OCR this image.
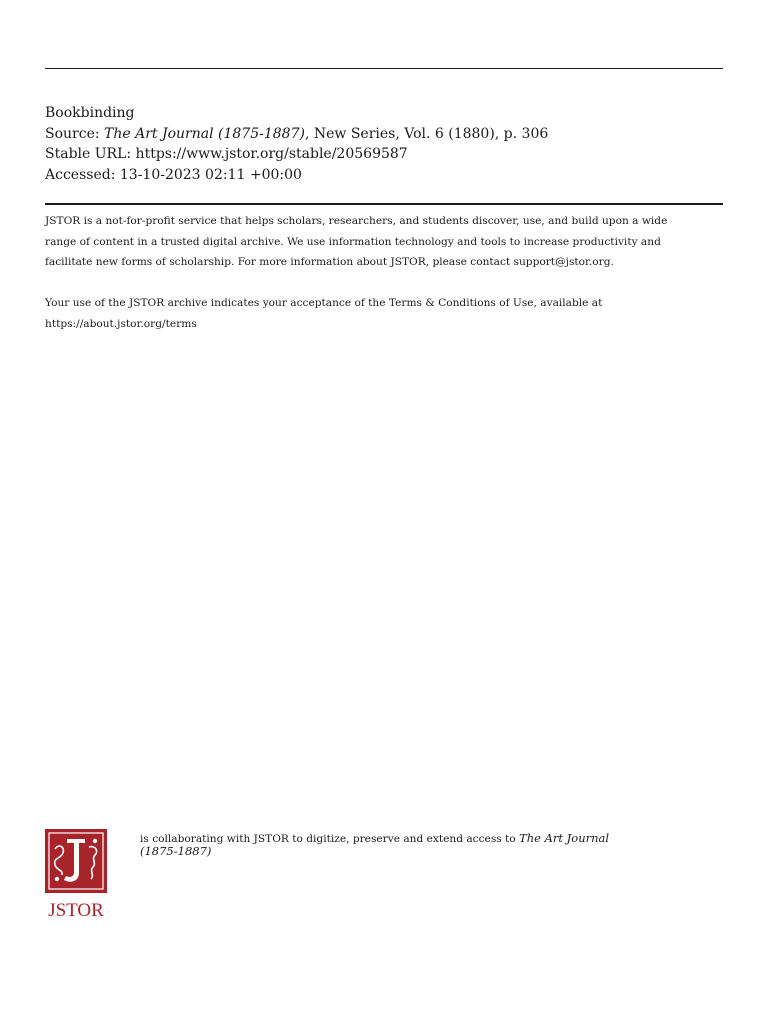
Bookbinding
Source: The Art Journal (1875-1887), New Series, Vol. 6 (1880), p. 306
Stable URL: https://www.jstor.org/stable/20569587
Accessed: 13-10-2023 02:11 +00:00
JSTOR is a not-for-profit service that helps scholars, researchers, and students discover, use, and build upon a wide
range of content in a trusted digital archive. We use information technology and tools to increase productivity and
facilitate new forms of scholarship. For more information about JSTOR, please contact support@jstor.org.
Your use of the JSTOR archive indicates your acceptance of the Terms & Conditions of Use, available at
https://about.jstor.org/terms
JSTOR
is collaborating with JSTOR to digitize, preserve and extend access to The Art Journal
(1875-1887)
